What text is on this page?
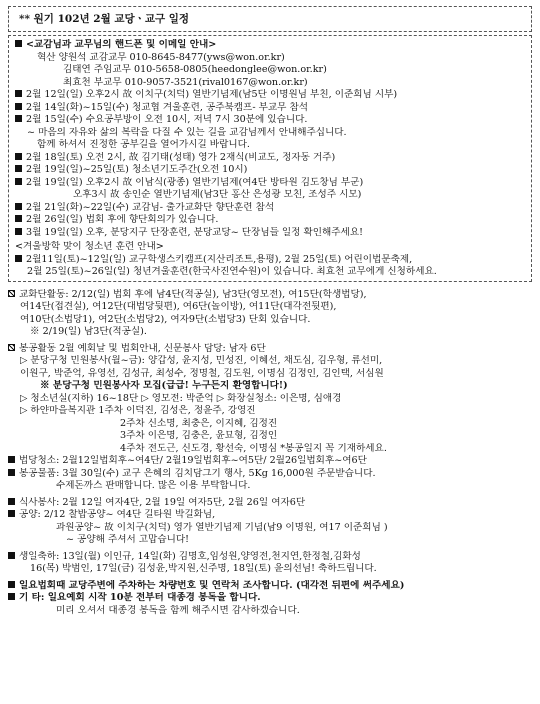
** 원기 102년 2월 교당ㆍ교구 일정
<교감님과 교무님의 핸드폰 및 이메일 안내>
혁산 양원석 교감교무 010-8645-8477(yws@won.or.kr)
김태연 주임교무 010-5658-0805(heedonglee@won.or.kr)
최효천 부교무 010-9057-3521(rival0167@won.or.kr)
2월 12일(일) 오후2시 故 이치구(치덕) 열반기념제(남5단 이명원님 부친, 이준희님 시부)
2월 14일(화)~15일(수) 청교협 겨울훈련, 공주북캠프- 부교무 참석
2월 15일(수) 수요공부방이 오전 10시, 저녁 7시 30분에 있습니다.
~ 마음의 자유와 삶의 복락을 다질 수 있는 길을 교감님께서 안내해주십니다.
함께 하셔서 진정한 공부길을 열어가시길 바랍니다.
2월 18일(토) 오전 2시, 故 김기태(성태) 영가 2재식(비교도, 정자동 거주)
2월 19일(일)~25일(토) 청소년기도주간(오전 10시)
2월 19일(일) 오후2시 故 이남식(광종) 열반기념제(여4단 방타원 김도창님 부군)
오후3시 故 송인순 열반기념제(남3단 홍산 은성광 모친, 조성주 시모)
2월 21일(화)~22일(수) 교감님- 출가교화단 향단훈련 참석
2월 26일(일) 법회 후에 향단회의가 있습니다.
3월 19일(일) 오후, 분당지구 단장훈련, 분당교당~ 단장님들 일정 확인해주세요!
<겨울방학 맞이 청소년 훈련 안내>
2월11일(토)~12일(일) 교구학생스키캠프(지산리조트,용평), 2월 25일(토) 어린이법문축제,
2월 25일(토)~26일(일) 청년겨울훈련(한국사진연수원)이 있습니다. 최효천 교무에게 신청하세요.
교화단활동: 2/12(일) 법회 후에 남4단(적공실), 남3단(영모전), 여15단(학생법당),
여14단(접견실), 여12단(대법당뒷편), 여6단(놀이방), 여11단(대각전뒷편),
여10단(소법당1), 여2단(소법당2), 여자9단(소법당3) 단회 있습니다.
※ 2/19(일) 남3단(적공실).
봉공활동 2월 예회날 및 법회안내, 신문봉사 담당: 남자 6단
▷ 분당구청 민원봉사(월~금): 양갑성, 윤지성, 민성진, 이혜선, 채도심, 김우형, 류선미,
이원구, 박준억, 유영선, 김성규, 최성수, 정명철, 김도원, 이명심 김정인, 김인택, 서심원
※ 분당구청 민원봉사자 모집(급급! 누구든지 환영합니다!)
▷ 청소년실(지하) 16~18단 ▷ 영모전: 박준억 ▷ 화장실청소: 이은명, 심애경
▷ 하얀마을복지관 1주차 이덕진, 김성은, 정윤주, 강영진
2주차 신소명, 최충은, 이지혜, 김정진
3주차 이은명, 김충은, 윤묘형, 김정인
4주차 전도근, 신도경, 황선숙, 이명심 *봉공일지 꼭 기재하세요.
법당청소: 2월12일법회후~여4단/ 2월19일법회후~여5단/ 2월26일법회후~여6단
봉공물품: 3월 30일(수) 교구 은혜의 김치담그기 행사, 5Kg 16,000원 주문받습니다.
수제돈까스 판매합니다. 많은 이용 부탁합니다.
식사봉사: 2월 12일 여자4단, 2월 19일 여자5단, 2월 26일 여자6단
공양: 2/12 찰밥공양~ 여4단 길타원 박길화님,
과원공양~ 故 이치구(치덕) 영가 열반기념제 기념(남9 이명원, 여17 이준희님 )
~ 공양해 주셔서 고맙습니다!
생일축하: 13일(월) 이인규, 14일(화) 김명호,임성원,양영전,천지연,한정철,김화성
16(목) 박범인, 17일(금) 김성윤,박지원,신주명, 18일(토) 윤의선님! 축하드립니다.
일요법회때 교당주변에 주차하는 차량번호 및 연락처 조사합니다. (대각전 뒤편에 써주세요)
기 타: 일요예회 시작 10분 전부터 대종경 봉독을 합니다.
미리 오셔서 대종경 봉독을 함께 해주시면 감사하겠습니다.
